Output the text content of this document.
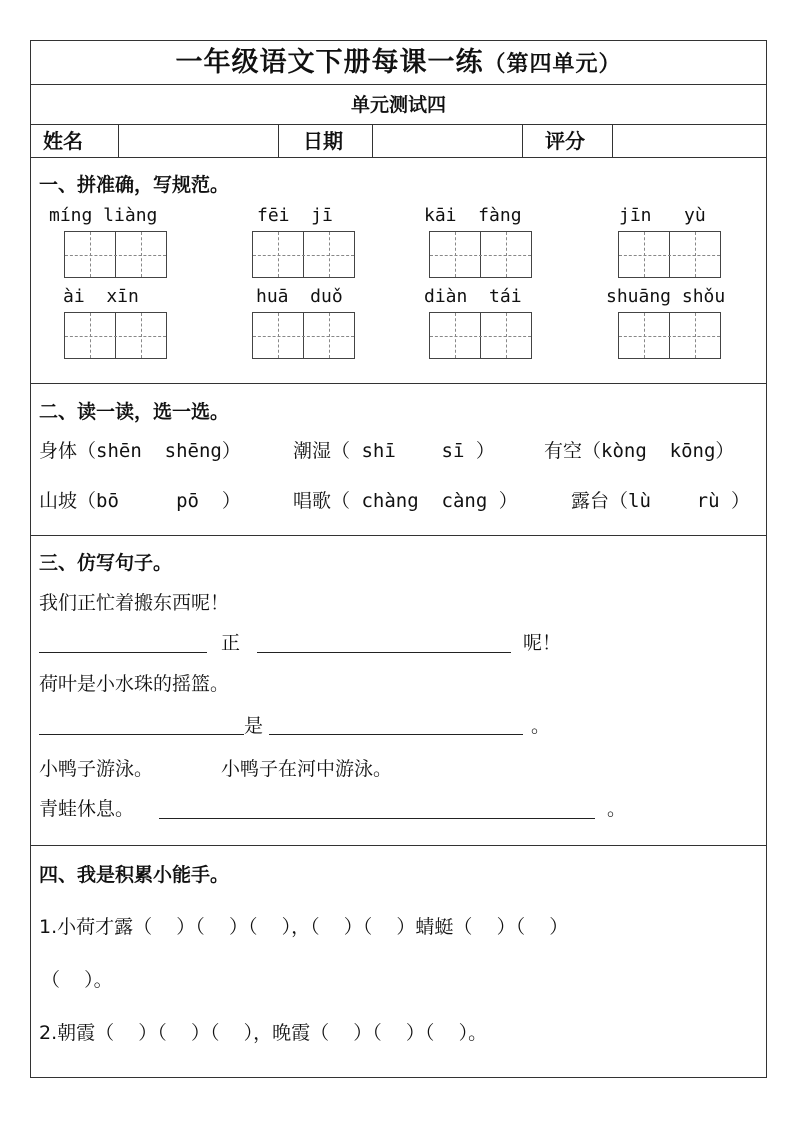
一年级语文下册每课一练（第四单元）
单元测试四
姓名	日期	评分
一、拼准确，写规范。
míng liàng	fēi  jī	kāi  fàng	jīn   yù
ài  xīn	huā  duǒ	diàn  tái	shuāng shǒu
二、读一读，选一选。
身体（shēn  shēng）	潮湿（ shī    sī ）	有空（kòng  kōng）
山坡（bō     pō  ）	唱歌（ chàng  càng ）	露台（lù    rù ）
三、仿写句子。
我们正忙着搬东西呢！
正	呢！
荷叶是小水珠的摇篮。
是	。
小鸭子游泳。	小鸭子在河中游泳。
青蛙休息。	。
四、我是积累小能手。
1.小荷才露（    ）（    ）（    ），（    ）（    ）蜻蜓（    ）（    ）
（    ）。
2.朝霞（    ）（    ）（    ），晚霞（    ）（    ）（    ）。
